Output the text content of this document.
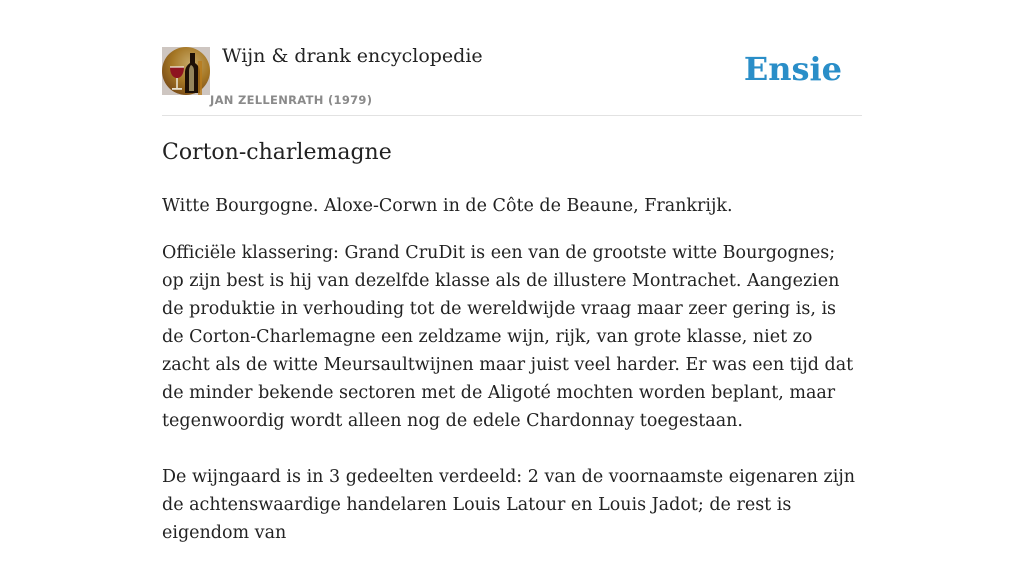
Wijn & drank encyclopedie
JAN ZELLENRATH (1979)
Ensie
Corton-charlemagne

Witte Bourgogne. Aloxe-Corwn in de Côte de Beaune, Frankrijk.

Officiële klassering: Grand CruDit is een van de grootste witte Bourgognes; op zijn best is hij van dezelfde klasse als de illustere Montrachet. Aangezien de produktie in verhouding tot de wereldwijde vraag maar zeer gering is, is de Corton-Charlemagne een zeldzame wijn, rijk, van grote klasse, niet zo zacht als de witte Meursaultwijnen maar juist veel harder. Er was een tijd dat de minder bekende sectoren met de Aligoté mochten worden beplant, maar tegenwoordig wordt alleen nog de edele Chardonnay toegestaan.

De wijngaard is in 3 gedeelten verdeeld: 2 van de voornaamste eigenaren zijn de achtenswaardige handelaren Louis Latour en Louis Jadot; de rest is eigendom van
